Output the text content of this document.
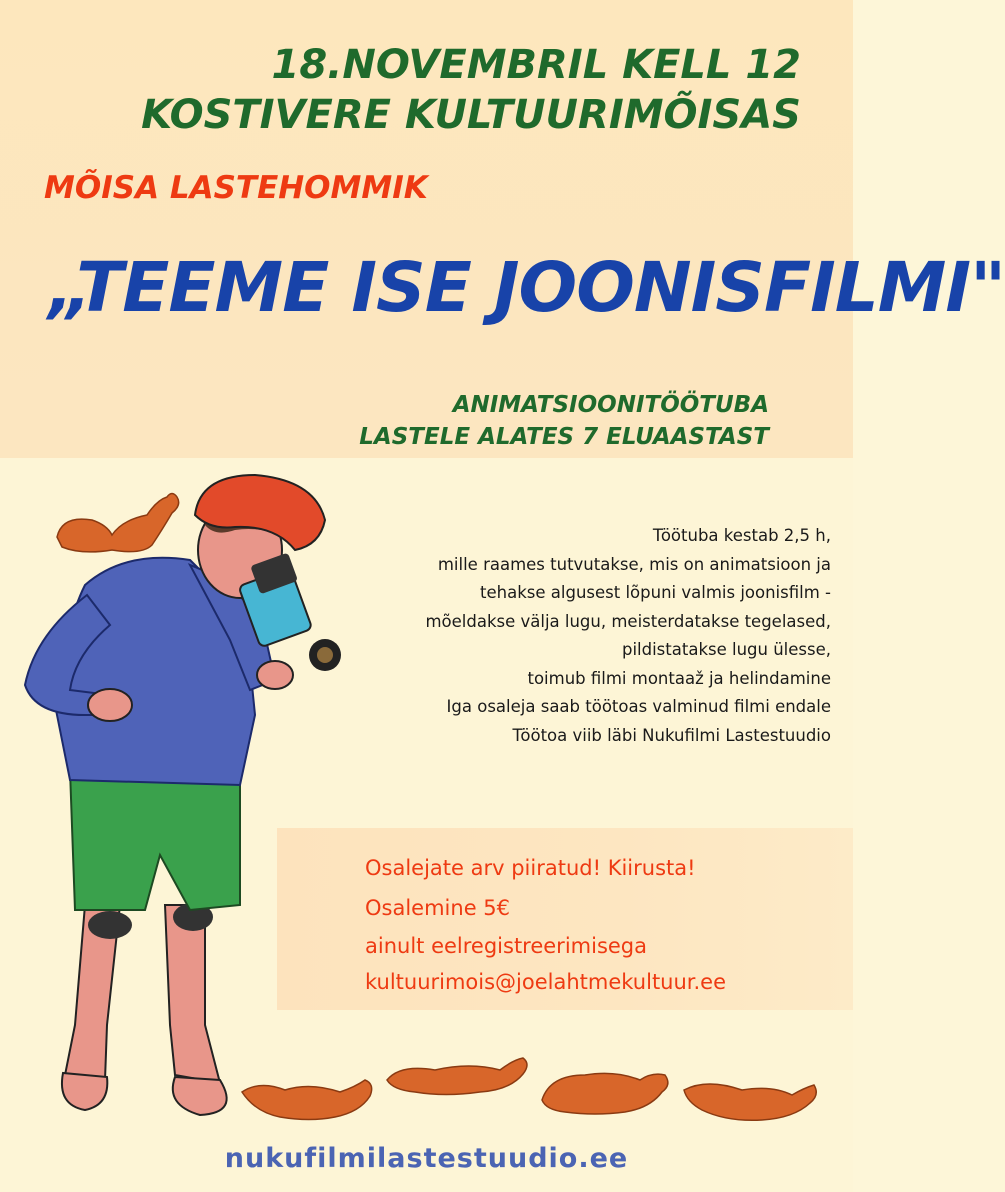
18.NOVEMBRIL KELL 12
KOSTIVERE KULTUURIMÕISAS
MÕISA LASTEHOMMIK
„TEEME ISE JOONISFILMI"
ANIMATSIOONITÖÖTUBA
LASTELE ALATES 7 ELUAASTAST
Töötuba kestab 2,5 h,
mille raames tutvutakse, mis on animatsioon ja
tehakse algusest lõpuni valmis joonisfilm -
mõeldakse välja lugu, meisterdatakse tegelased,
pildistatakse lugu ülesse,
toimub filmi montaaž ja helindamine
Iga osaleja saab töötoas valminud filmi endale
Töötoa viib läbi Nukufilmi Lastestuudio
Osalejate arv piiratud! Kiirusta!
Osalemine 5€
ainult eelregistreerimisega
kultuurimois@joelahtmekultuur.ee
nukufilmilastestuudio.ee
